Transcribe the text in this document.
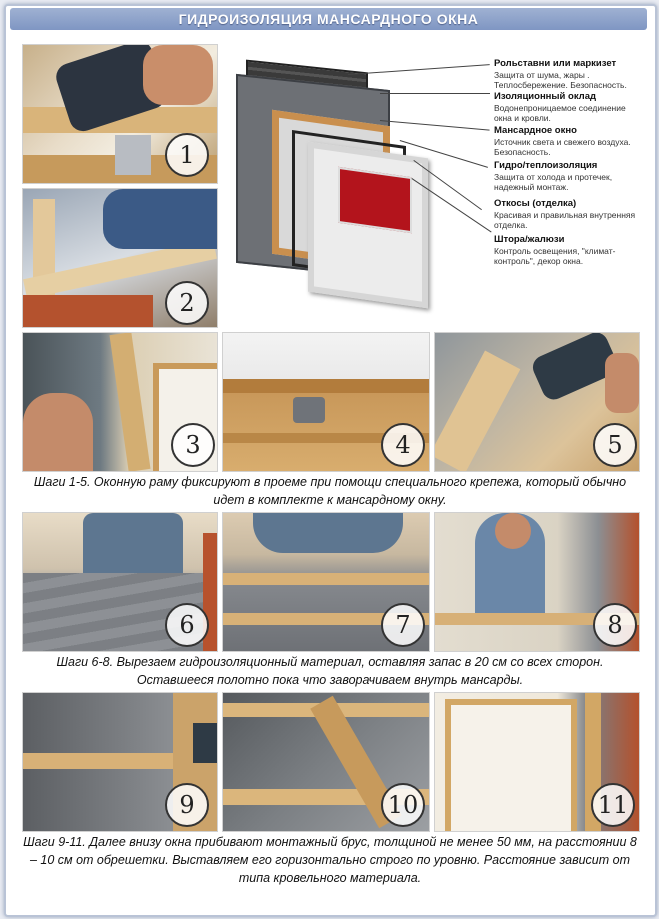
ГИДРОИЗОЛЯЦИЯ МАНСАРДНОГО ОКНА
1
2
Рольставни или маркизет
Защита от шума, жары . Теплосбережение. Безопасность.
Изоляционный оклад
Водонепроницаемое соединение окна и кровли.
Мансардное окно
Источник света и свежего воздуха. Безопасность.
Гидро/теплоизоляция
Защита от холода и протечек, надежный монтаж.
Откосы (отделка)
Красивая и правильная внутренняя отделка.
Штора/жалюзи
Контроль освещения, "климат-контроль", декор окна.
3	4	5
Шаги 1-5. Оконную раму фиксируют в проеме при помощи специального крепежа, который обычно идет в комплекте к мансардному окну.
6	7	8
Шаги 6-8. Вырезаем гидроизоляционный материал, оставляя запас в 20 см со всех сторон. Оставшееся полотно пока что заворачиваем внутрь мансарды.
9	10	11
Шаги 9-11. Далее внизу окна прибивают монтажный брус, толщиной не менее 50 мм, на расстоянии 8 – 10 см от обрешетки. Выставляем его горизонтально строго по уровню. Расстояние зависит от типа кровельного материала.
